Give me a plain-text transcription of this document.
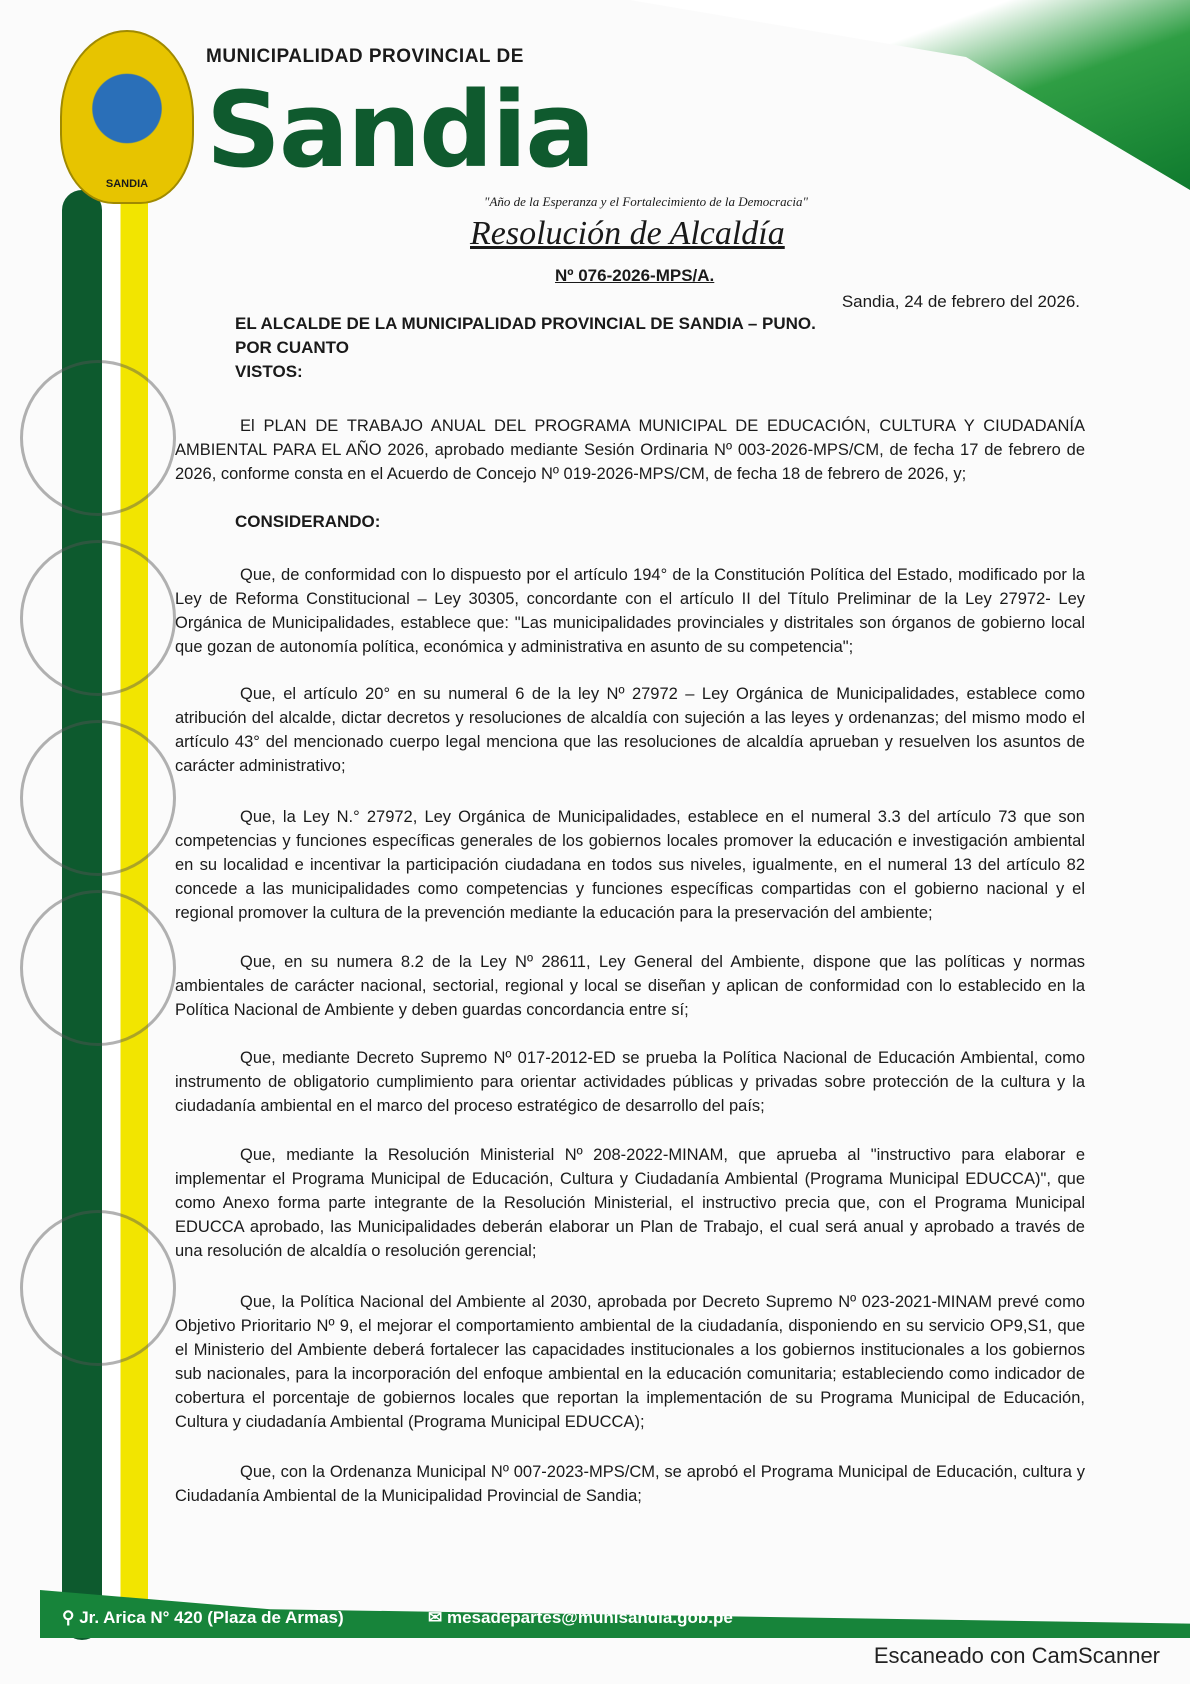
SANDIA
MUNICIPALIDAD PROVINCIAL DE
Sandia
"Año de la Esperanza y el Fortalecimiento de la Democracia"
Resolución de Alcaldía
Nº 076-2026-MPS/A.
Sandia, 24 de febrero del 2026.
EL ALCALDE DE LA MUNICIPALIDAD PROVINCIAL DE SANDIA – PUNO.
POR CUANTO
VISTOS:
El PLAN DE TRABAJO ANUAL DEL PROGRAMA MUNICIPAL DE EDUCACIÓN, CULTURA Y CIUDADANÍA AMBIENTAL PARA EL AÑO 2026, aprobado mediante Sesión Ordinaria Nº 003-2026-MPS/CM, de fecha 17 de febrero de 2026, conforme consta en el Acuerdo de Concejo Nº 019-2026-MPS/CM, de fecha 18 de febrero de 2026, y;
CONSIDERANDO:
Que, de conformidad con lo dispuesto por el artículo 194° de la Constitución Política del Estado, modificado por la Ley de Reforma Constitucional – Ley 30305, concordante con el artículo II del Título Preliminar de la Ley 27972- Ley Orgánica de Municipalidades, establece que: "Las municipalidades provinciales y distritales son órganos de gobierno local que gozan de autonomía política, económica y administrativa en asunto de su competencia";
Que, el artículo 20° en su numeral 6 de la ley Nº 27972 – Ley Orgánica de Municipalidades, establece como atribución del alcalde, dictar decretos y resoluciones de alcaldía con sujeción a las leyes y ordenanzas; del mismo modo el artículo 43° del mencionado cuerpo legal menciona que las resoluciones de alcaldía aprueban y resuelven los asuntos de carácter administrativo;
Que, la Ley N.° 27972, Ley Orgánica de Municipalidades, establece en el numeral 3.3 del artículo 73 que son competencias y funciones específicas generales de los gobiernos locales promover la educación e investigación ambiental en su localidad e incentivar la participación ciudadana en todos sus niveles, igualmente, en el numeral 13 del artículo 82 concede a las municipalidades como competencias y funciones específicas compartidas con el gobierno nacional y el regional promover la cultura de la prevención mediante la educación para la preservación del ambiente;
Que, en su numera 8.2 de la Ley Nº 28611, Ley General del Ambiente, dispone que las políticas y normas ambientales de carácter nacional, sectorial, regional y local se diseñan y aplican de conformidad con lo establecido en la Política Nacional de Ambiente y deben guardas concordancia entre sí;
Que, mediante Decreto Supremo Nº 017-2012-ED se prueba la Política Nacional de Educación Ambiental, como instrumento de obligatorio cumplimiento para orientar actividades públicas y privadas sobre protección de la cultura y la ciudadanía ambiental en el marco del proceso estratégico de desarrollo del país;
Que, mediante la Resolución Ministerial Nº 208-2022-MINAM, que aprueba al "instructivo para elaborar e implementar el Programa Municipal de Educación, Cultura y Ciudadanía Ambiental (Programa Municipal EDUCCA)", que como Anexo forma parte integrante de la Resolución Ministerial, el instructivo precia que, con el Programa Municipal EDUCCA aprobado, las Municipalidades deberán elaborar un Plan de Trabajo, el cual será anual y aprobado a través de una resolución de alcaldía o resolución gerencial;
Que, la Política Nacional del Ambiente al 2030, aprobada por Decreto Supremo Nº 023-2021-MINAM prevé como Objetivo Prioritario Nº 9, el mejorar el comportamiento ambiental de la ciudadanía, disponiendo en su servicio OP9,S1, que el Ministerio del Ambiente deberá fortalecer las capacidades institucionales a los gobiernos institucionales a los gobiernos sub nacionales, para la incorporación del enfoque ambiental en la educación comunitaria; estableciendo como indicador de cobertura el porcentaje de gobiernos locales que reportan la implementación de su Programa Municipal de Educación, Cultura y ciudadanía Ambiental (Programa Municipal EDUCCA);
Que, con la Ordenanza Municipal Nº 007-2023-MPS/CM, se aprobó el Programa Municipal de Educación, cultura y Ciudadanía Ambiental de la Municipalidad Provincial de Sandia;
⚲ Jr. Arica N° 420 (Plaza de Armas)	✉ mesadepartes@munisandia.gob.pe
Escaneado con CamScanner
